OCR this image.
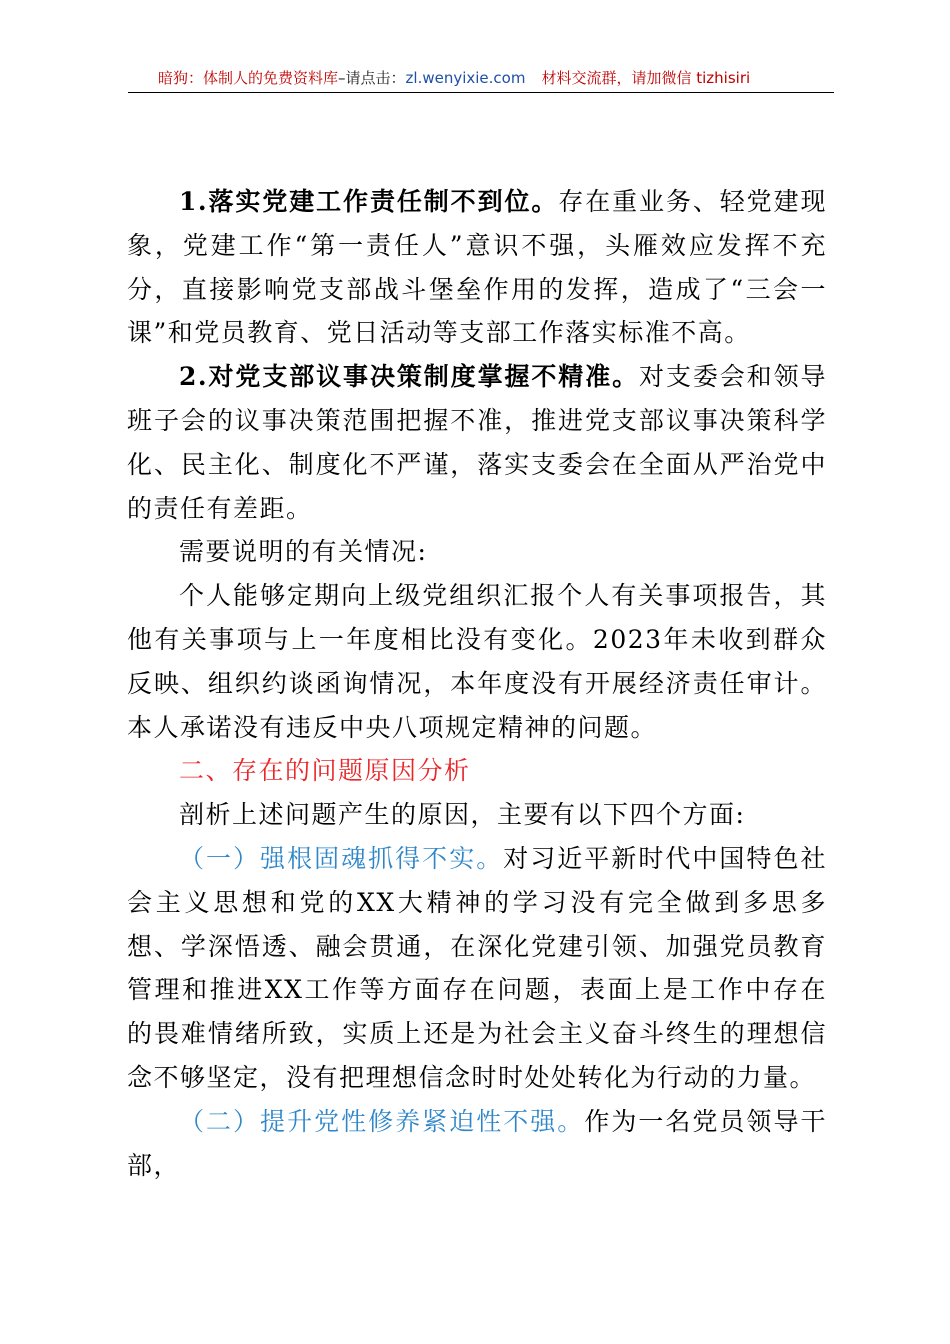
暗狗：体制人的免费资料库–请点击：zl.wenyixie.com 材料交流群，请加微信 tizhisiri

1.落实党建工作责任制不到位。存在重业务、轻党建现象，党建工作“第一责任人”意识不强，头雁效应发挥不充分，直接影响党支部战斗堡垒作用的发挥，造成了“三会一课”和党员教育、党日活动等支部工作落实标准不高。

2.对党支部议事决策制度掌握不精准。对支委会和领导班子会的议事决策范围把握不准，推进党支部议事决策科学化、民主化、制度化不严谨，落实支委会在全面从严治党中的责任有差距。

需要说明的有关情况:

个人能够定期向上级党组织汇报个人有关事项报告，其他有关事项与上一年度相比没有变化。2023年未收到群众反映、组织约谈函询情况，本年度没有开展经济责任审计。本人承诺没有违反中央八项规定精神的问题。

二、存在的问题原因分析

剖析上述问题产生的原因，主要有以下四个方面:

（一）强根固魂抓得不实。对习近平新时代中国特色社会主义思想和党的XX大精神的学习没有完全做到多思多想、学深悟透、融会贯通，在深化党建引领、加强党员教育管理和推进XX工作等方面存在问题，表面上是工作中存在的畏难情绪所致，实质上还是为社会主义奋斗终生的理想信念不够坚定，没有把理想信念时时处处转化为行动的力量。

（二）提升党性修养紧迫性不强。作为一名党员领导干部，
